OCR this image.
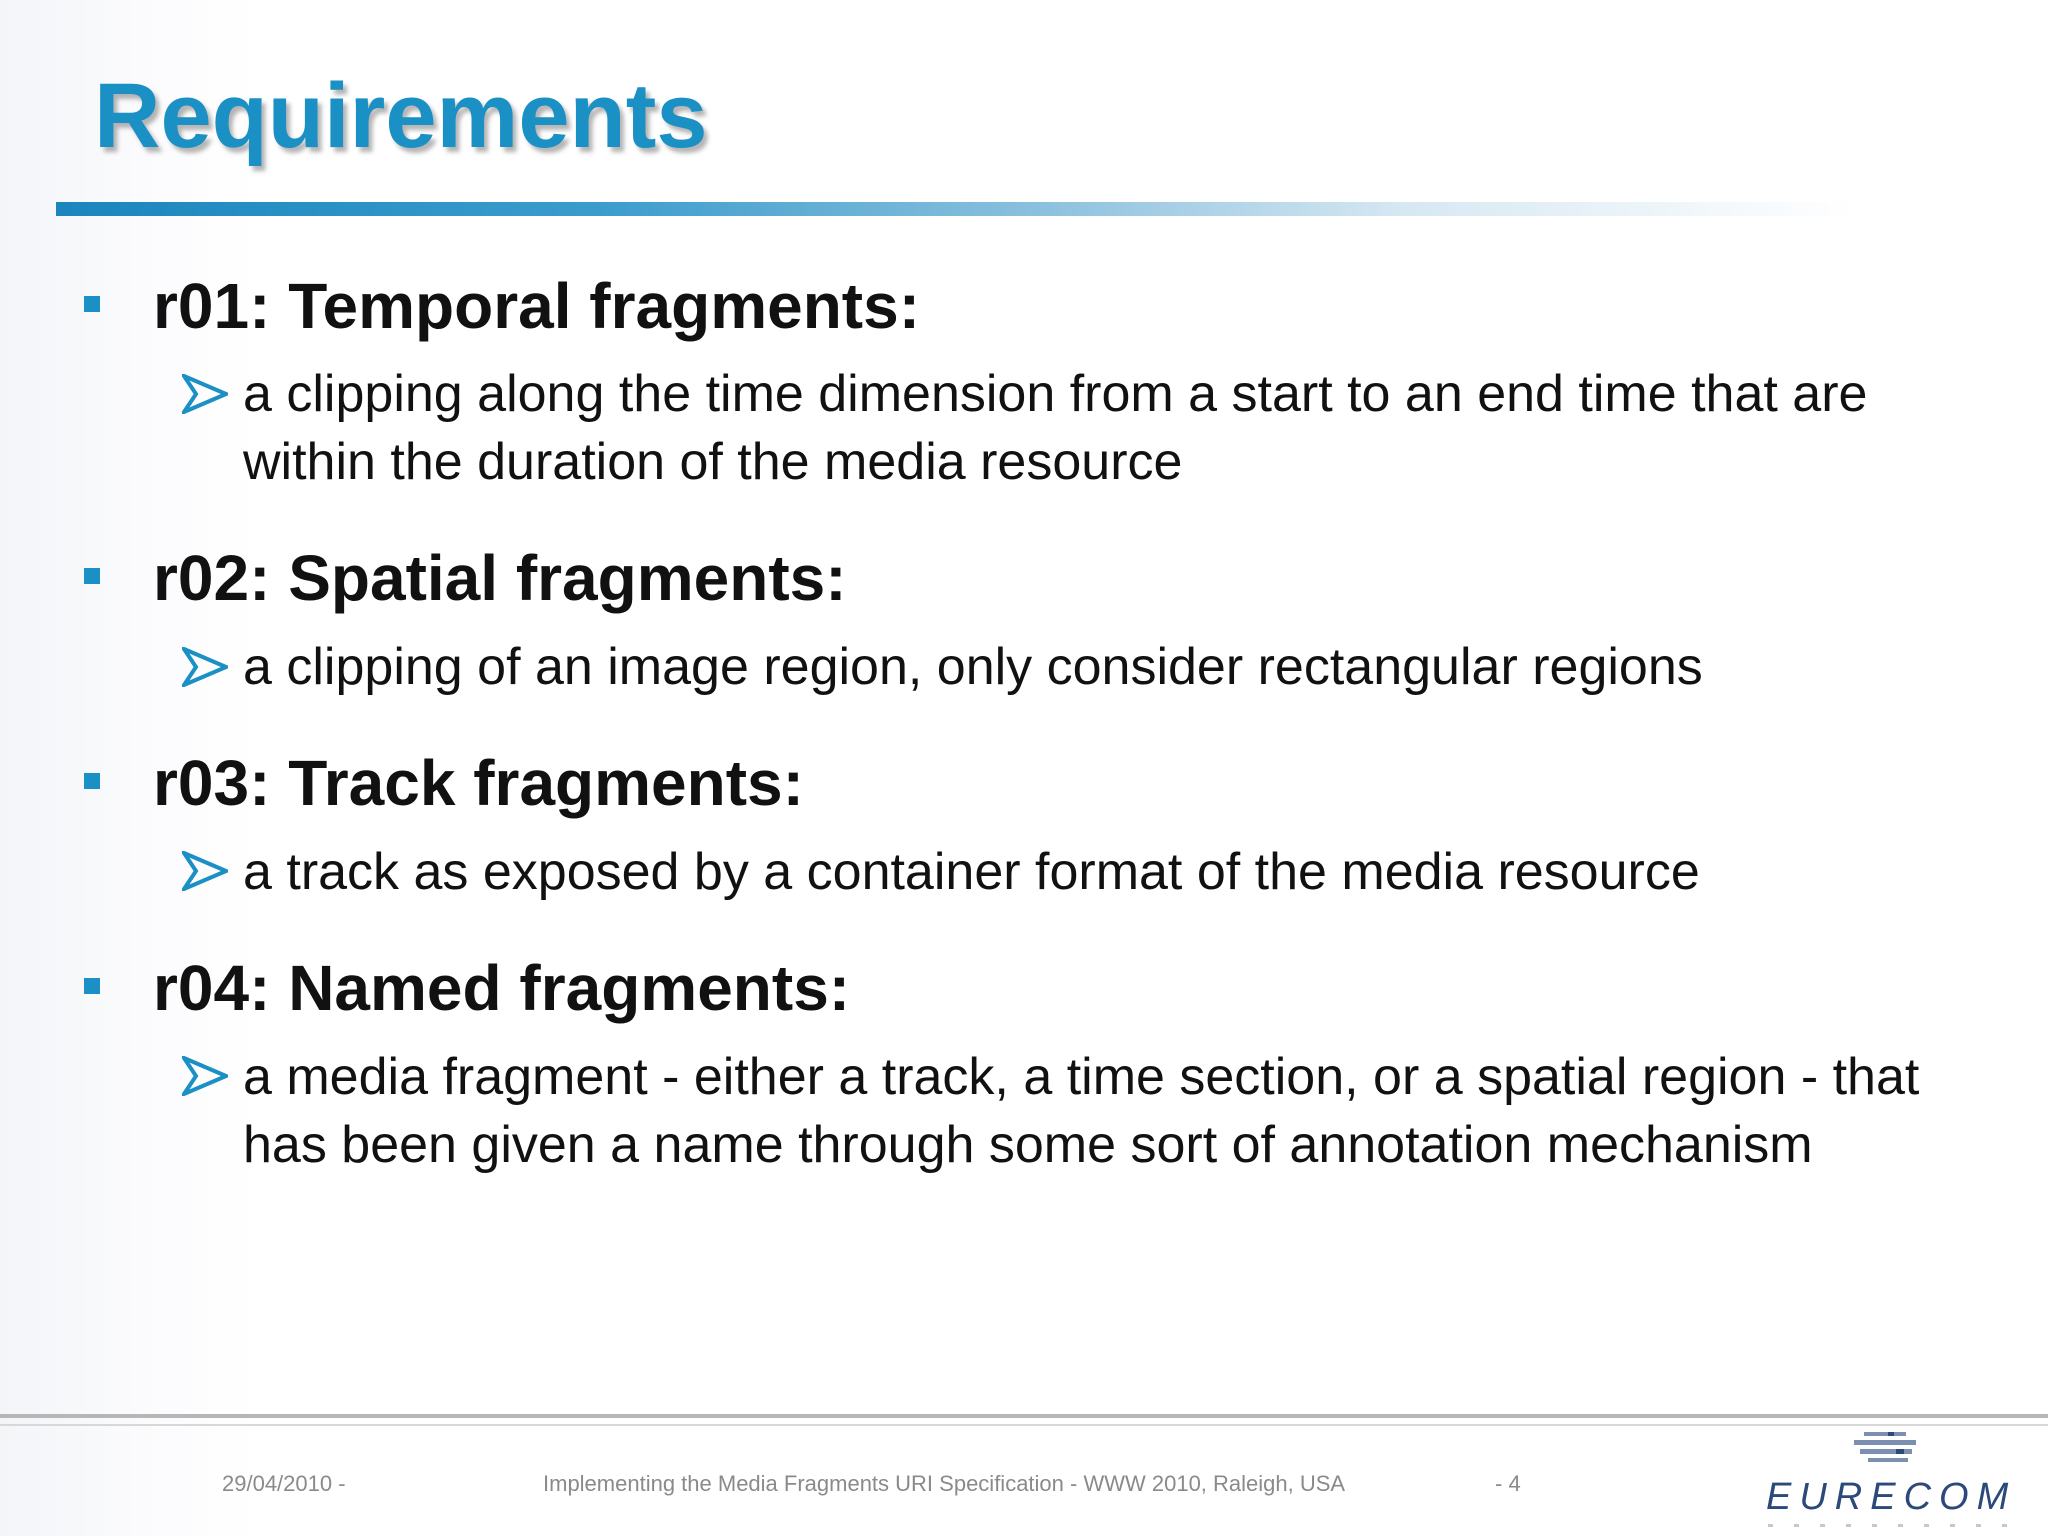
Requirements
r01: Temporal fragments:
a clipping along the time dimension from a start to an end time that are within the duration of the media resource
r02: Spatial fragments:
a clipping of an image region, only consider rectangular regions
r03: Track fragments:
a track as exposed by a container format of the media resource
r04: Named fragments:
a media fragment - either a track, a time section, or a spatial region - that has been given a name through some sort of annotation mechanism
29/04/2010 -	Implementing the Media Fragments URI Specification - WWW 2010, Raleigh, USA	- 4	EURECOM
